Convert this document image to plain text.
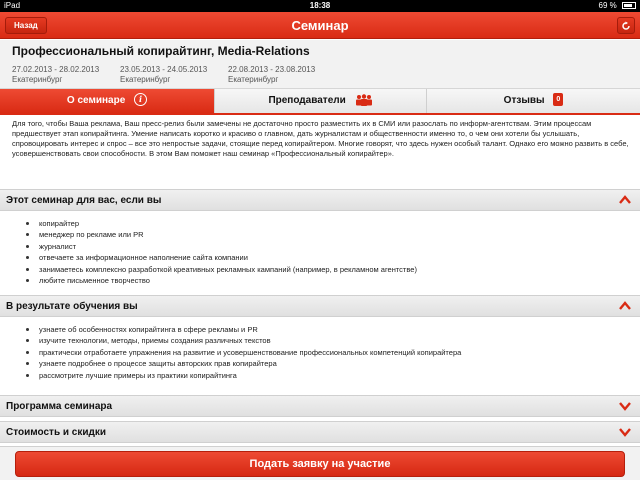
iPad	18:38	69 %
Назад	Семинар
Профессиональный копирайтинг, Media-Relations
27.02.2013 - 28.02.2013
Екатеринбург
23.05.2013 - 24.05.2013
Екатеринбург
22.08.2013 - 23.08.2013
Екатеринбург
О семинаре i	Преподаватели	Отзывы 0
Для того, чтобы Ваша реклама, Ваш пресс-релиз были замечены не достаточно просто разместить их в СМИ или разослать по информ-агентствам. Этим процессам предшествует этап копирайтинга. Умение написать коротко и красиво о главном, дать журналистам и общественности именно то, о чем они хотели бы услышать, спровоцировать интерес и спрос – все это непростые задачи, стоящие перед копирайтером. Многие говорят, что здесь нужен особый талант. Однако его можно развить в себе, усовершенствовать свои способности. В этом Вам поможет наш семинар «Профессиональный копирайтер».
Этот семинар для вас, если вы
копирайтер
менеджер по рекламе или PR
журналист
отвечаете за информационное наполнение сайта компании
занимаетесь комплексно разработкой креативных рекламных кампаний (например, в рекламном агентстве)
любите письменное творчество
В результате обучения вы
узнаете об особенностях копирайтинга в сфере рекламы и PR
изучите технологии, методы, приемы создания различных текстов
практически отработаете упражнения на развитие и усовершенствование профессиональных компетенций копирайтера
узнаете подробнее о процессе защиты авторских прав копирайтера
рассмотрите лучшие примеры из практики копирайтинга
Программа семинара
Стоимость и скидки
Подать заявку на участие
